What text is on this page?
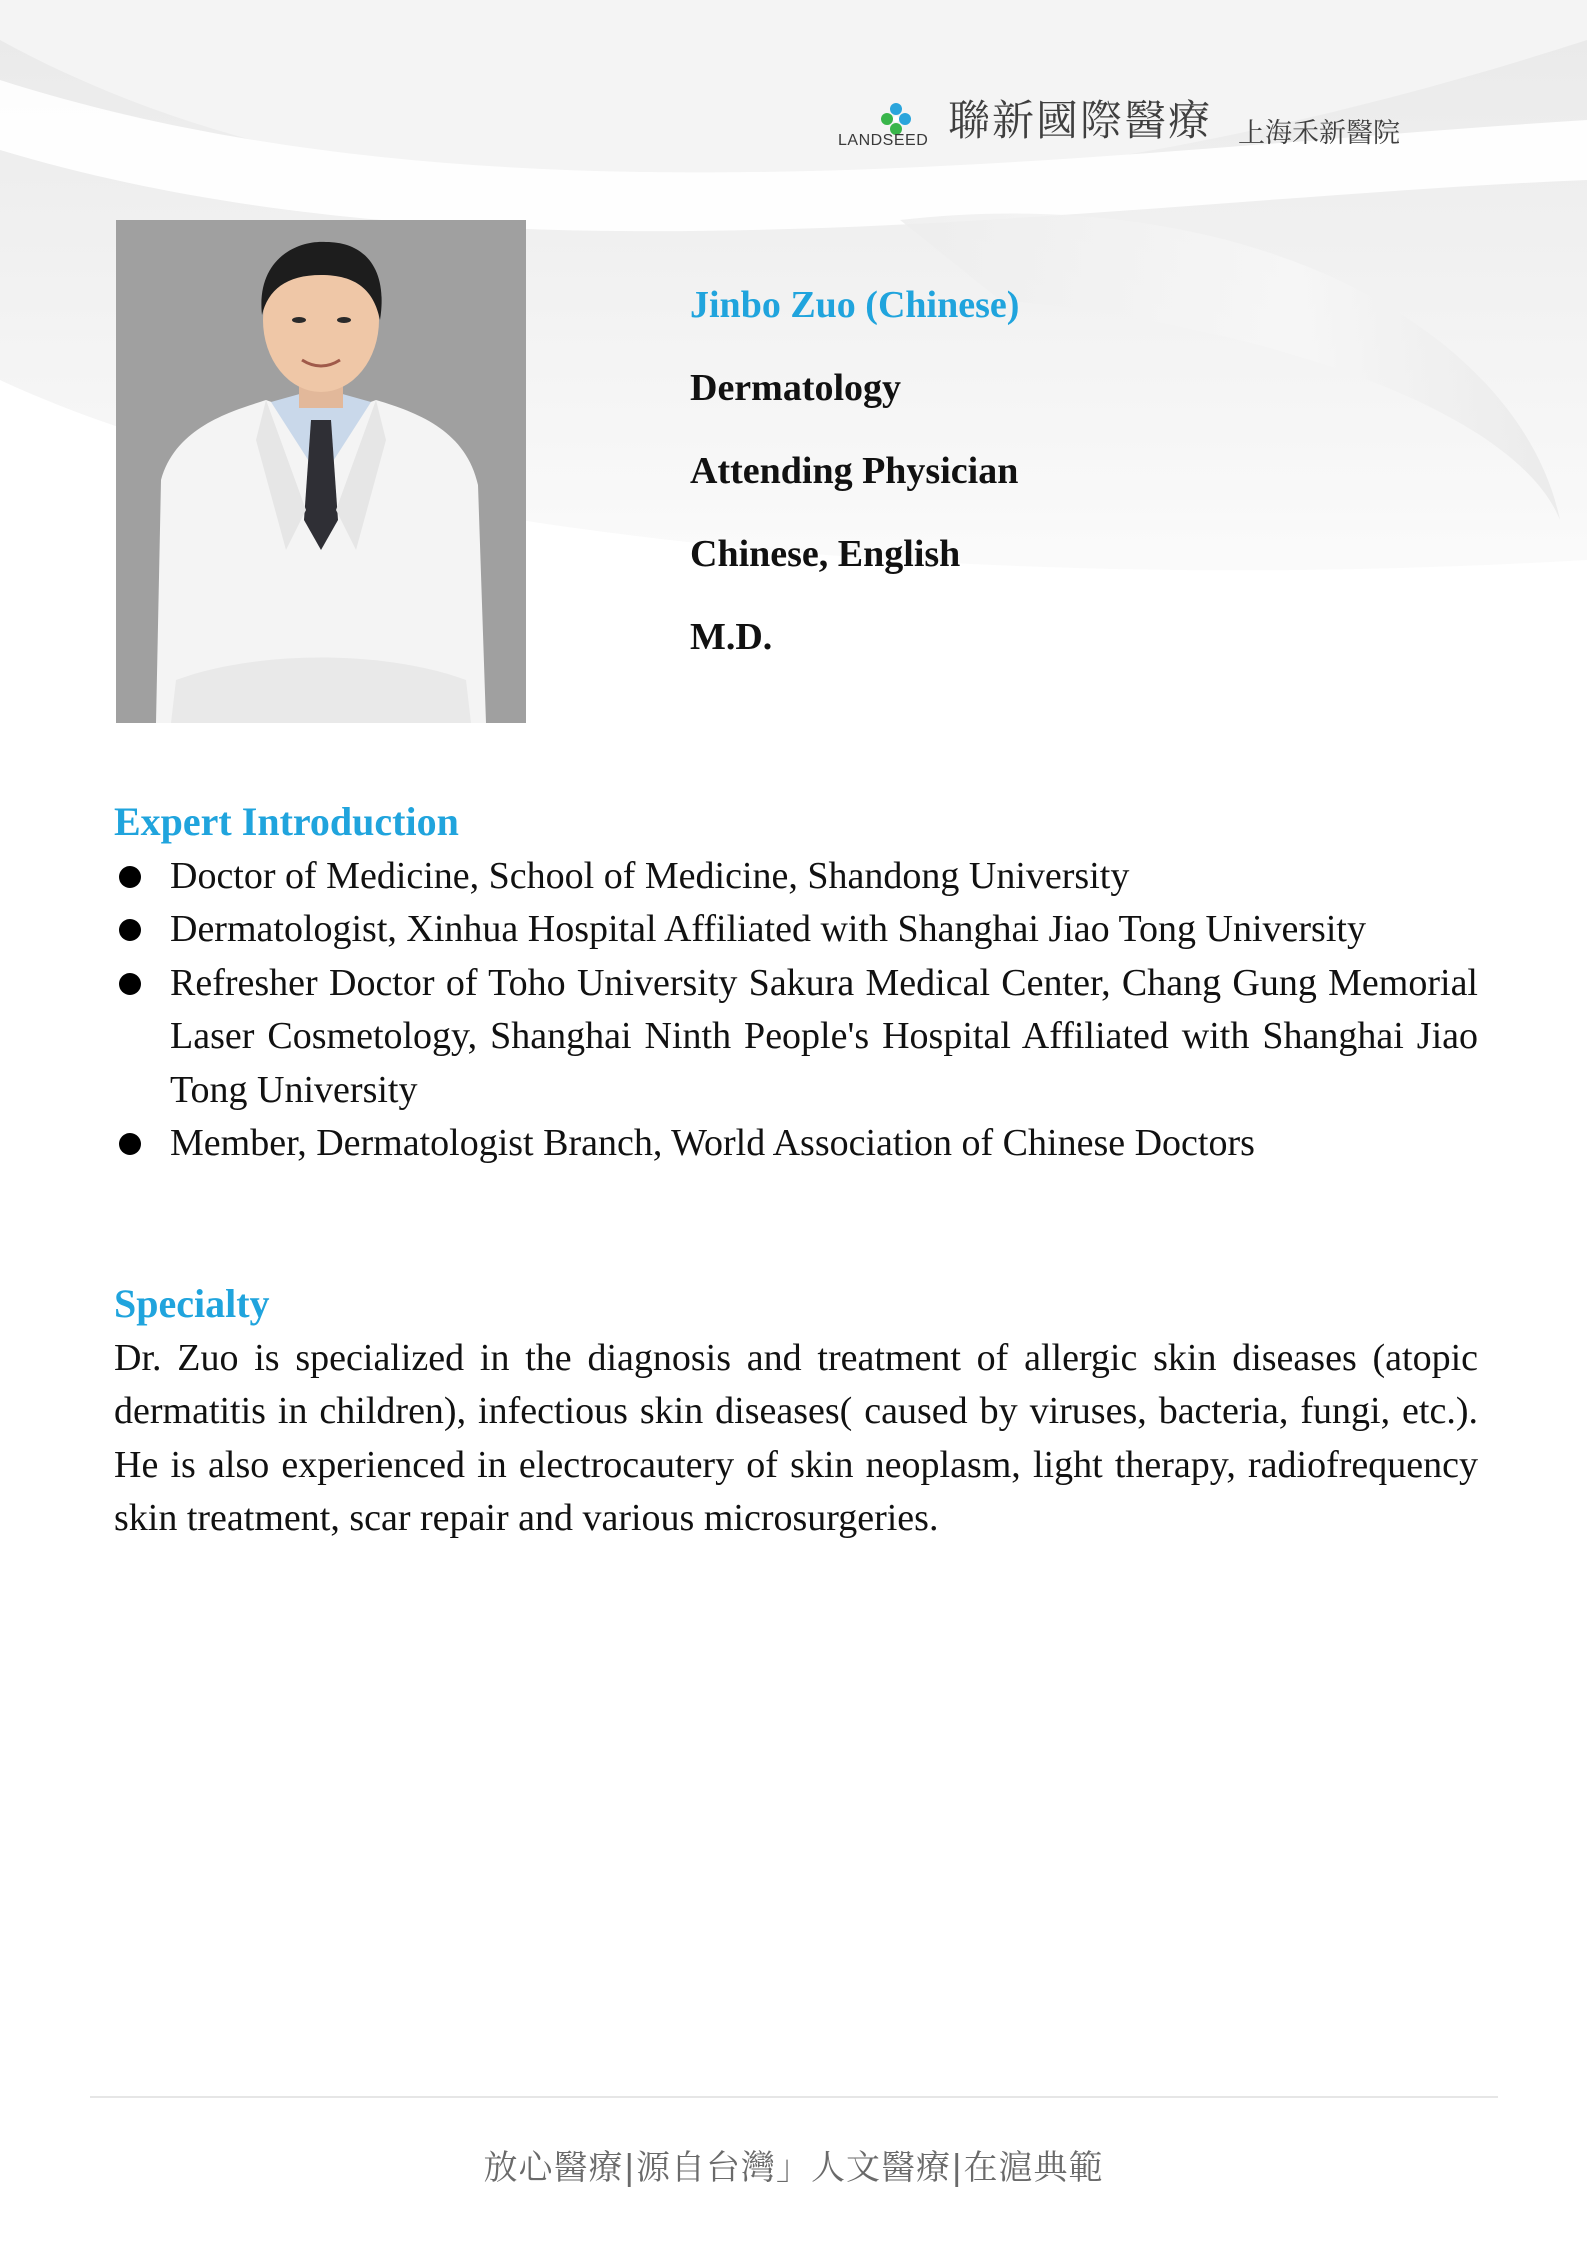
LANDSEED 聯新國際醫療 上海禾新醫院
Jinbo Zuo (Chinese)
Dermatology
Attending Physician
Chinese, English
M.D.
Expert Introduction
Doctor of Medicine, School of Medicine, Shandong University
Dermatologist, Xinhua Hospital Affiliated with Shanghai Jiao Tong University
Refresher Doctor of Toho University Sakura Medical Center, Chang Gung Memorial Laser Cosmetology, Shanghai Ninth People's Hospital Affiliated with Shanghai Jiao Tong University
Member, Dermatologist Branch, World Association of Chinese Doctors
Specialty

Dr. Zuo is specialized in the diagnosis and treatment of allergic skin diseases (atopic dermatitis in children), infectious skin diseases( caused by viruses, bacteria, fungi, etc.). He is also experienced in electrocautery of skin neoplasm, light therapy, radiofrequency skin treatment, scar repair and various microsurgeries.

放心醫療|源自台灣」人文醫療|在滬典範
